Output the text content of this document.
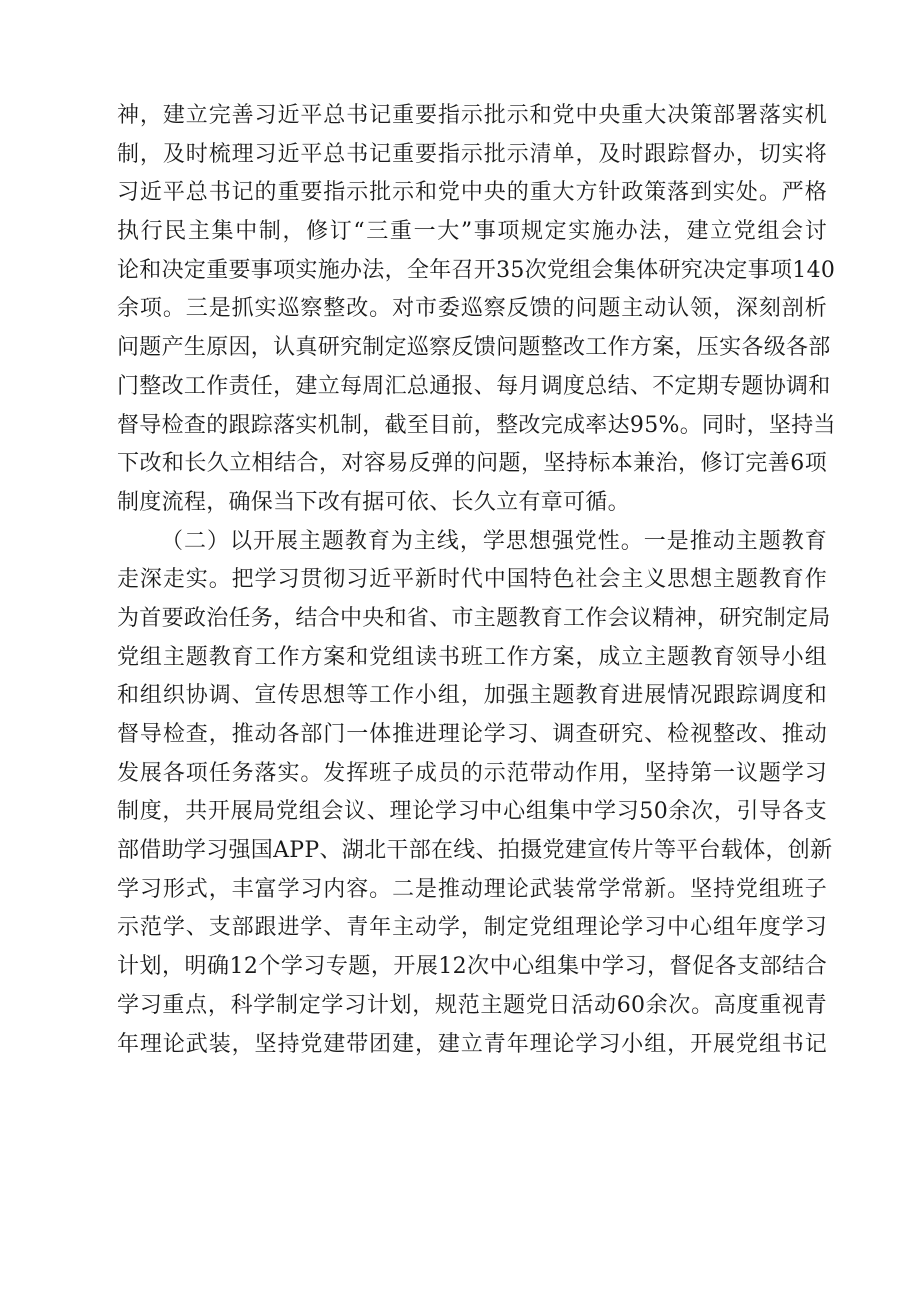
神，建立完善习近平总书记重要指示批示和党中央重大决策部署落实机
制，及时梳理习近平总书记重要指示批示清单，及时跟踪督办，切实将
习近平总书记的重要指示批示和党中央的重大方针政策落到实处。严格
执行民主集中制，修订“三重一大”事项规定实施办法，建立党组会讨
论和决定重要事项实施办法，全年召开35次党组会集体研究决定事项140
余项。三是抓实巡察整改。对市委巡察反馈的问题主动认领，深刻剖析
问题产生原因，认真研究制定巡察反馈问题整改工作方案，压实各级各部
门整改工作责任，建立每周汇总通报、每月调度总结、不定期专题协调和
督导检查的跟踪落实机制，截至目前，整改完成率达95%。同时，坚持当
下改和长久立相结合，对容易反弹的问题，坚持标本兼治，修订完善6项
制度流程，确保当下改有据可依、长久立有章可循。
（二）以开展主题教育为主线，学思想强党性。一是推动主题教育
走深走实。把学习贯彻习近平新时代中国特色社会主义思想主题教育作
为首要政治任务，结合中央和省、市主题教育工作会议精神，研究制定局
党组主题教育工作方案和党组读书班工作方案，成立主题教育领导小组
和组织协调、宣传思想等工作小组，加强主题教育进展情况跟踪调度和
督导检查，推动各部门一体推进理论学习、调查研究、检视整改、推动
发展各项任务落实。发挥班子成员的示范带动作用，坚持第一议题学习
制度，共开展局党组会议、理论学习中心组集中学习50余次，引导各支
部借助学习强国APP、湖北干部在线、拍摄党建宣传片等平台载体，创新
学习形式，丰富学习内容。二是推动理论武装常学常新。坚持党组班子
示范学、支部跟进学、青年主动学，制定党组理论学习中心组年度学习
计划，明确12个学习专题，开展12次中心组集中学习，督促各支部结合
学习重点，科学制定学习计划，规范主题党日活动60余次。高度重视青
年理论武装，坚持党建带团建，建立青年理论学习小组，开展党组书记
